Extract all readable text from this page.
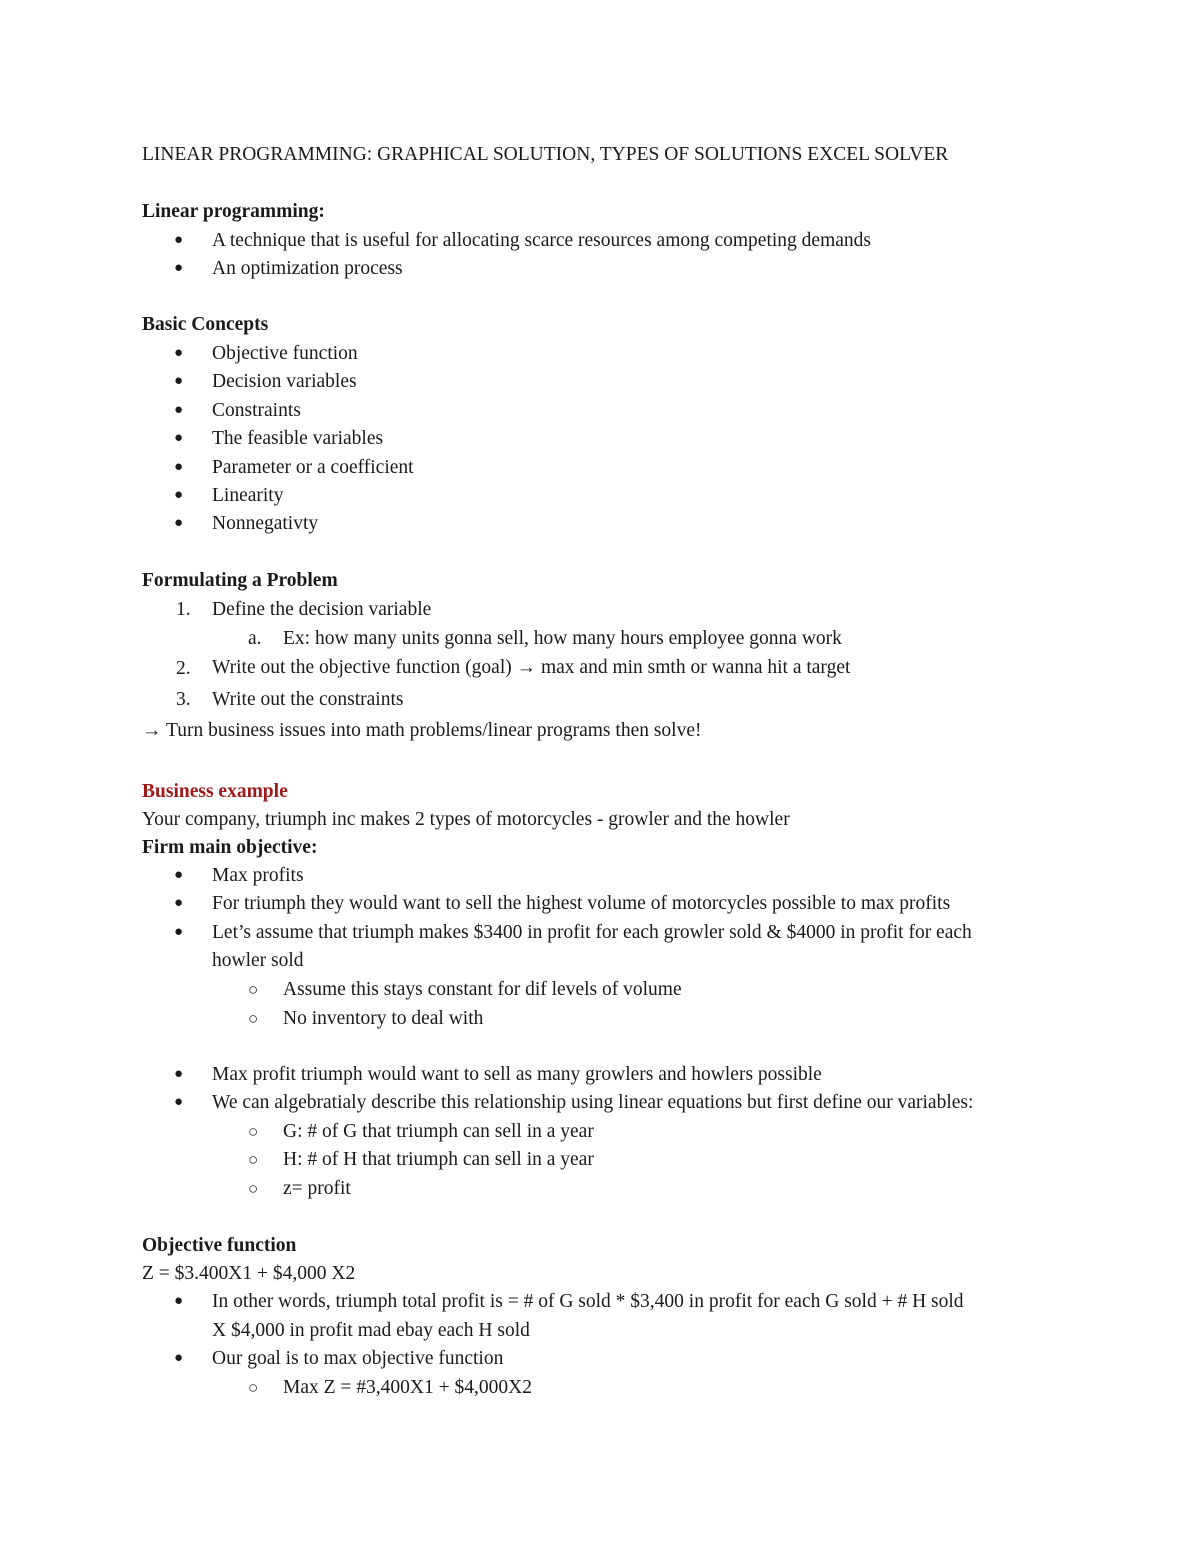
LINEAR PROGRAMMING: GRAPHICAL SOLUTION, TYPES OF SOLUTIONS EXCEL SOLVER
Linear programming:
● A technique that is useful for allocating scarce resources among competing demands
● An optimization process
Basic Concepts
● Objective function
● Decision variables
● Constraints
● The feasible variables
● Parameter or a coefficient
● Linearity
● Nonnegativty
Formulating a Problem
1. Define the decision variable
a. Ex: how many units gonna sell, how many hours employee gonna work
2. Write out the objective function (goal) → max and min smth or wanna hit a target
3. Write out the constraints
→ Turn business issues into math problems/linear programs then solve!
Business example
Your company, triumph inc makes 2 types of motorcycles - growler and the howler
Firm main objective:
● Max profits
● For triumph they would want to sell the highest volume of motorcycles possible to max profits
● Let’s assume that triumph makes $3400 in profit for each growler sold & $4000 in profit for each
howler sold
○ Assume this stays constant for dif levels of volume
○ No inventory to deal with
● Max profit triumph would want to sell as many growlers and howlers possible
● We can algebratialy describe this relationship using linear equations but first define our variables:
○ G: # of G that triumph can sell in a year
○ H: # of H that triumph can sell in a year
○ z= profit
Objective function
Z = $3.400X1 + $4,000 X2
● In other words, triumph total profit is = # of G sold * $3,400 in profit for each G sold + # H sold
X $4,000 in profit mad ebay each H sold
● Our goal is to max objective function
○ Max Z = #3,400X1 + $4,000X2
